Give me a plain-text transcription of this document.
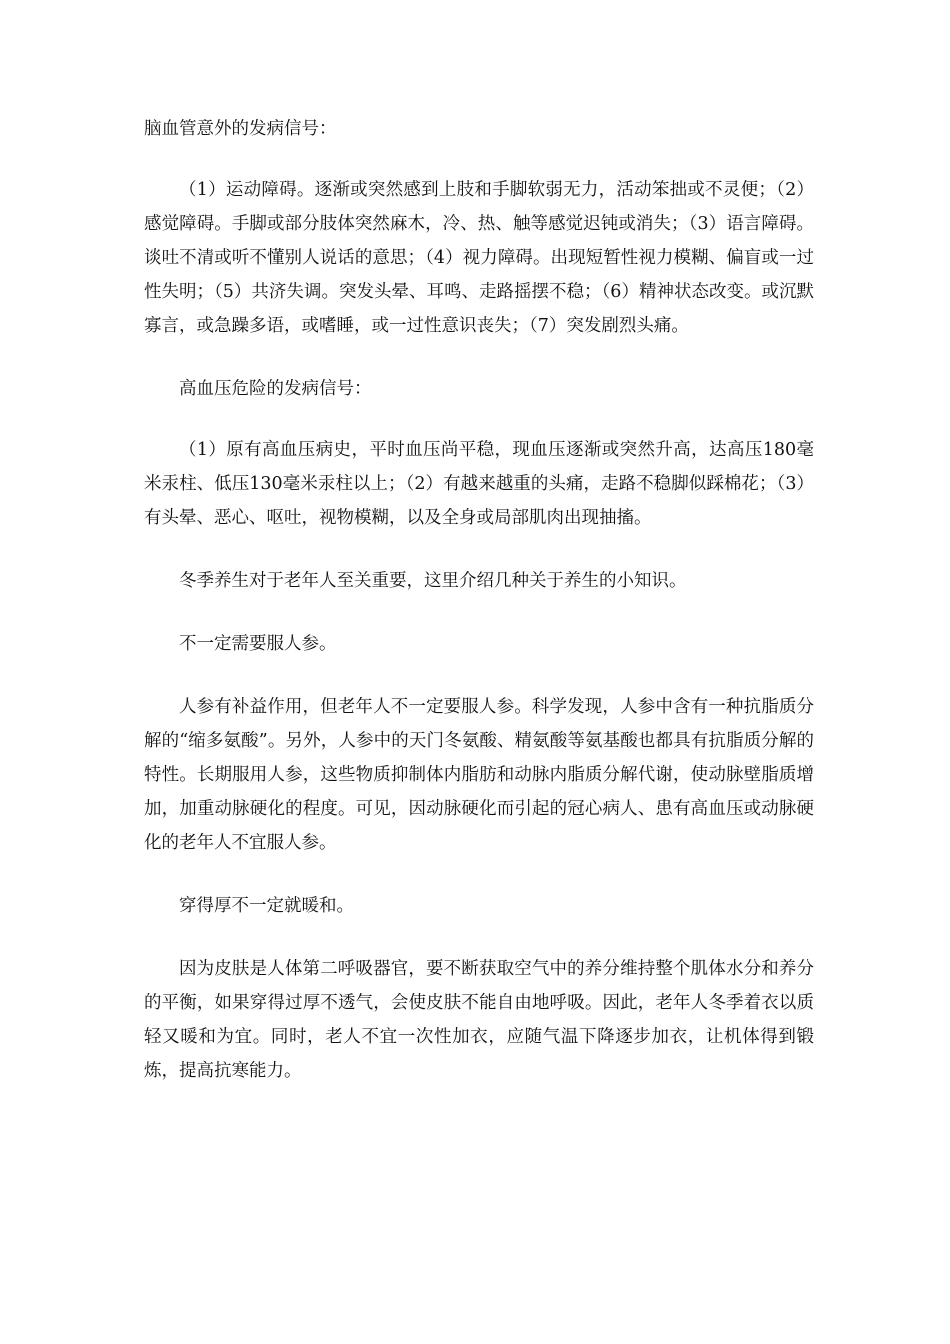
脑血管意外的发病信号：

（1）运动障碍。逐渐或突然感到上肢和手脚软弱无力，活动笨拙或不灵便；（2）感觉障碍。手脚或部分肢体突然麻木，冷、热、触等感觉迟钝或消失；（3）语言障碍。谈吐不清或听不懂别人说话的意思；（4）视力障碍。出现短暂性视力模糊、偏盲或一过性失明；（5）共济失调。突发头晕、耳鸣、走路摇摆不稳；（6）精神状态改变。或沉默寡言，或急躁多语，或嗜睡，或一过性意识丧失；（7）突发剧烈头痛。

高血压危险的发病信号：

（1）原有高血压病史，平时血压尚平稳，现血压逐渐或突然升高，达高压180毫米汞柱、低压130毫米汞柱以上；（2）有越来越重的头痛，走路不稳脚似踩棉花；（3）有头晕、恶心、呕吐，视物模糊，以及全身或局部肌肉出现抽搐。

冬季养生对于老年人至关重要，这里介绍几种关于养生的小知识。

不一定需要服人参。

人参有补益作用，但老年人不一定要服人参。科学发现，人参中含有一种抗脂质分解的“缩多氨酸”。另外，人参中的天门冬氨酸、精氨酸等氨基酸也都具有抗脂质分解的特性。长期服用人参，这些物质抑制体内脂肪和动脉内脂质分解代谢，使动脉壁脂质增加，加重动脉硬化的程度。可见，因动脉硬化而引起的冠心病人、患有高血压或动脉硬化的老年人不宜服人参。

穿得厚不一定就暖和。

因为皮肤是人体第二呼吸器官，要不断获取空气中的养分维持整个肌体水分和养分的平衡，如果穿得过厚不透气，会使皮肤不能自由地呼吸。因此，老年人冬季着衣以质轻又暖和为宜。同时，老人不宜一次性加衣，应随气温下降逐步加衣，让机体得到锻炼，提高抗寒能力。
